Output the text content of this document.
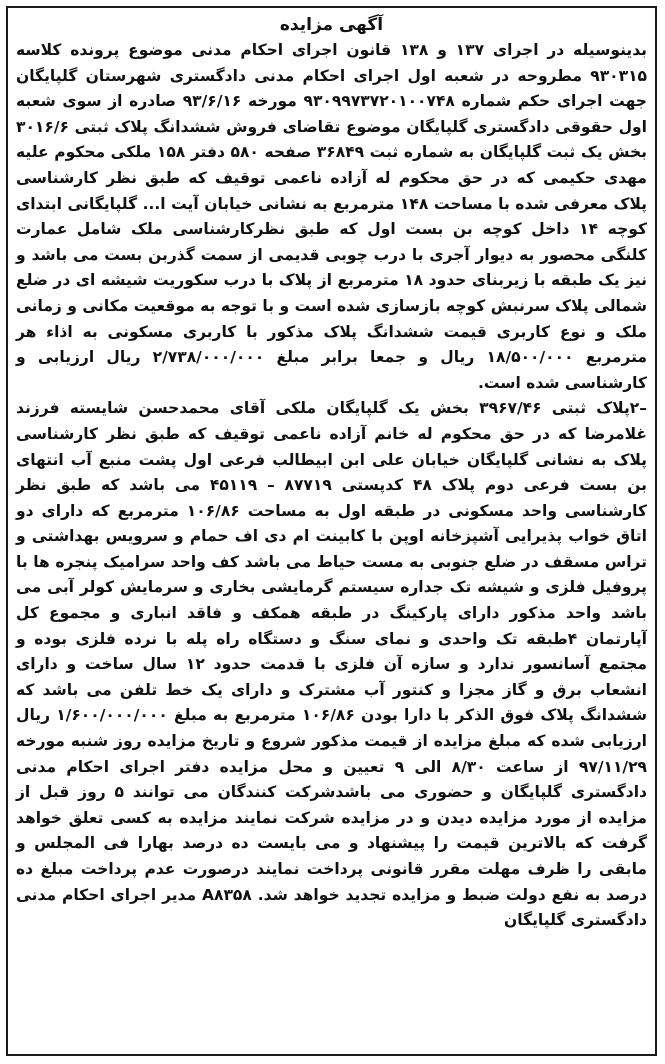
آگهی مزایده

بدینوسیله در اجرای ۱۳۷ و ۱۳۸ قانون اجرای احکام مدنی موضوع پرونده کلاسه ۹۳۰۳۱۵ مطروحه در شعبه اول اجرای احکام مدنی دادگستری شهرستان گلپایگان جهت اجرای حکم شماره ۹۳۰۹۹۷۳۷۲۰۱۰۰۷۴۸ مورخه ۹۳/۶/۱۶ صادره از سوی شعبه اول حقوقی دادگستری گلپایگان موضوع تقاضای فروش ششدانگ پلاک ثبتی ۳۰۱۶/۶ بخش یک ثبت گلپایگان به شماره ثبت ۳۶۸۴۹ صفحه ۵۸۰ دفتر ۱۵۸ ملکی محکوم علیه مهدی حکیمی که در حق محکوم له آزاده ناعمی توقیف که طبق نظر کارشناسی پلاک معرفی شده با مساحت ۱۴۸ مترمربع به نشانی خیابان آیت ا... گلپایگانی ابتدای کوچه ۱۴ داخل کوچه بن بست اول که طبق نظرکارشناسی ملک شامل عمارت کلنگی محصور به دیوار آجری با درب چوبی قدیمی از سمت گذربن بست می باشد و نیز یک طبقه با زیربنای حدود ۱۸ مترمربع از پلاک با درب سکوریت شیشه ای در ضلع شمالی پلاک سرنبش کوچه بازسازی شده است و با توجه به موقعیت مکانی و زمانی ملک و نوع کاربری قیمت ششدانگ پلاک مذکور با کاربری مسکونی به اذاء هر مترمربع ۱۸/۵۰۰/۰۰۰ ریال و جمعا برابر مبلغ ۲/۷۳۸/۰۰۰/۰۰۰ ریال ارزیابی و کارشناسی شده است.

–۲پلاک ثبتی ۳۹۶۷/۴۶ بخش یک گلپایگان ملکی آقای محمدحسن شایسته فرزند غلامرضا که در حق محکوم له خانم آزاده ناعمی توقیف که طبق نظر کارشناسی پلاک به نشانی گلپایگان خیابان علی ابن ابیطالب فرعی اول پشت منبع آب انتهای بن بست فرعی دوم پلاک ۴۸ کدپستی ۸۷۷۱۹ – ۴۵۱۱۹ می باشد که طبق نظر کارشناسی واحد مسکونی در طبقه اول به مساحت ۱۰۶/۸۶ مترمربع که دارای دو اتاق خواب پذیرایی آشپزخانه اوپن با کابینت ام دی اف حمام و سرویس بهداشتی و تراس مسقف در ضلع جنوبی به مست حیاط می باشد کف واحد سرامیک پنجره ها با پروفیل فلزی و شیشه تک جداره سیستم گرمایشی بخاری و سرمایش کولر آبی می باشد واحد مذکور دارای پارکینگ در طبقه همکف و فاقد انباری و مجموع کل آپارتمان ۴طبقه تک واحدی و نمای سنگ و دستگاه راه پله با نرده فلزی بوده و مجتمع آسانسور ندارد و سازه آن فلزی با قدمت حدود ۱۲ سال ساخت و دارای انشعاب برق و گاز مجزا و کنتور آب مشترک و دارای یک خط تلفن می باشد که ششدانگ پلاک فوق الذکر با دارا بودن ۱۰۶/۸۶ مترمربع به مبلغ ۱/۶۰۰/۰۰۰/۰۰۰ ریال ارزیابی شده که مبلغ مزایده از قیمت مذکور شروع و تاریخ مزایده روز شنبه مورخه ۹۷/۱۱/۲۹ از ساعت ۸/۳۰ الی ۹ تعیین و محل مزایده دفتر اجرای احکام مدنی دادگستری گلپایگان و حضوری می باشدشرکت کنندگان می توانند ۵ روز قبل از مزایده از مورد مزایده دیدن و در مزایده شرکت نمایند مزایده به کسی تعلق خواهد گرفت که بالاترین قیمت را پیشنهاد و می بایست ده درصد بهارا فی المجلس و مابقی را ظرف مهلت مقرر قانونی پرداخت نمایند درصورت عدم پرداخت مبلغ ده درصد به نفع دولت ضبط و مزایده تجدید خواهد شد. A۸۳۵۸ مدیر اجرای احکام مدنی دادگستری گلپایگان
